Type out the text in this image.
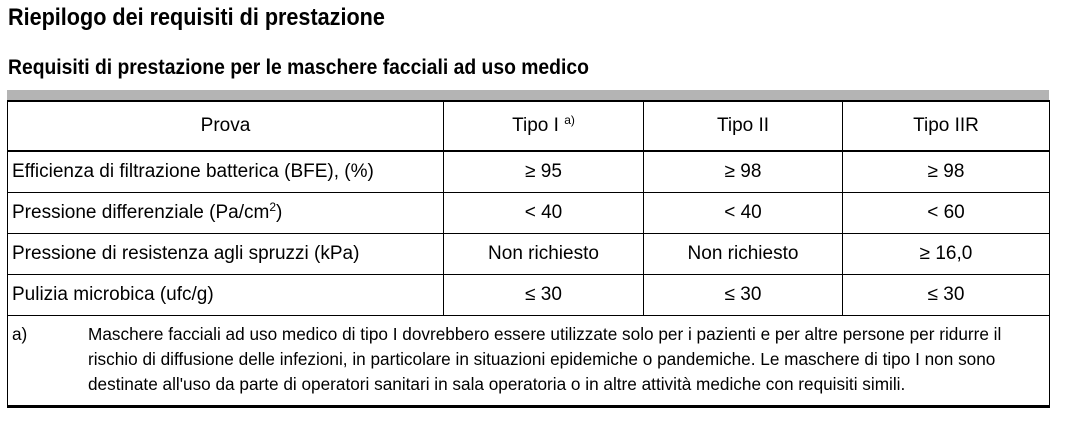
Riepilogo dei requisiti di prestazione
Requisiti di prestazione per le maschere facciali ad uso medico
Prova	Tipo I $^{a)}$	Tipo II	Tipo IIR
Efficienza di filtrazione batterica (BFE), (%)	≥ 95	≥ 98	≥ 98
Pressione differenziale $(Pa/cm^2)$	< 40	< 40	< 60
Pressione di resistenza agli spruzzi (kPa)	Non richiesto	Non richiesto	≥ 16,0
Pulizia microbica (ufc/g)	≤ 30	≤ 30	≤ 30

a) Maschere facciali ad uso medico di tipo I dovrebbero essere utilizzate solo per i pazienti e per altre persone per ridurre il rischio di diffusione delle infezioni, in particolare in situazioni epidemiche o pandemiche. Le maschere di tipo I non sono destinate all'uso da parte di operatori sanitari in sala operatoria o in altre attività mediche con requisiti simili.			
